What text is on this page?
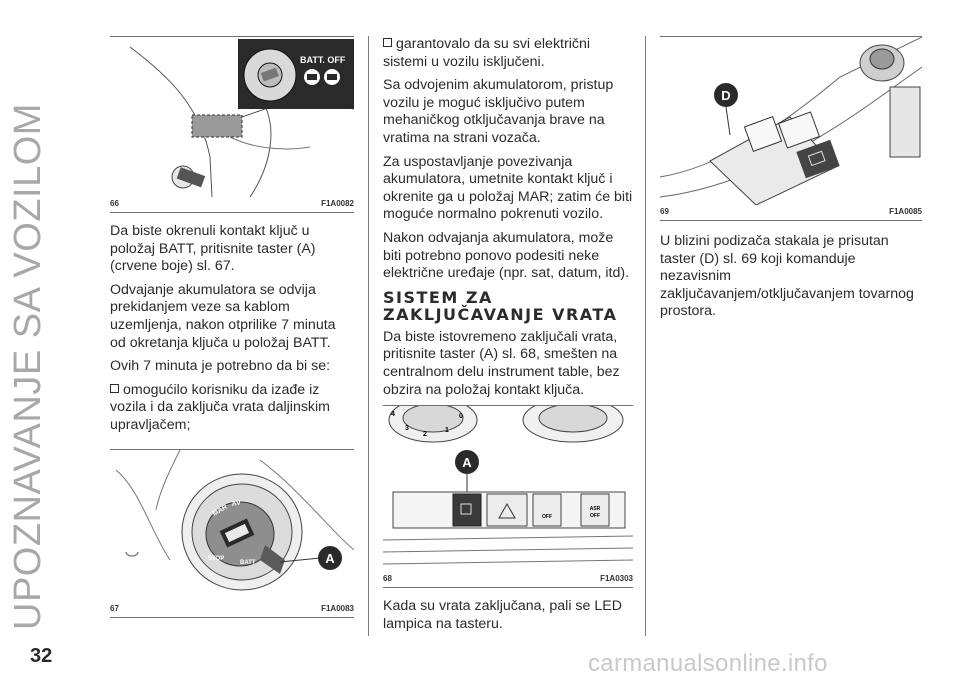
UPOZNAVANJE SA VOZILOM
BATT. OFF
66	F1A0082

Da biste okrenuli kontakt ključ u položaj BATT, pritisnite taster (A) (crvene boje) sl. 67.

Odvajanje akumulatora se odvija prekidanjem veze sa kablom uzemljenja, nakon otprilike 7 minuta od okretanja ključa u položaj BATT.

Ovih 7 minuta je potrebno da bi se:

omogućilo korisniku da izađe iz vozila i da zaključa vrata daljinskim upravljačem;

MAR AV
STOP
BATT	A
67	F1A0083

garantovalo da su svi električni sistemi u vozilu isključeni.

Sa odvojenim akumulatorom, pristup vozilu je moguć isključivo putem mehaničkog otključavanja brave na vratima na strani vozača.

Za uspostavljanje povezivanja akumulatora, umetnite kontakt ključ i okrenite ga u položaj MAR; zatim će biti moguće normalno pokrenuti vozilo.

Nakon odvajanja akumulatora, može biti potrebno ponovo podesiti neke električne uređaje (npr. sat, datum, itd).

SISTEM ZA
ZAKLJUČAVANJE VRATA

Da biste istovremeno zaključali vrata, pritisnite taster (A) sl. 68, smešten na centralnom delu instrument table, bez obzira na položaj kontakt ključa.

4
3
2
1
0
A
OFF
ASR
OFF
68	F1A0303

Kada su vrata zaključana, pali se LED lampica na tasteru.

D
69	F1A0085

U blizini podizača stakala je prisutan taster (D) sl. 69 koji komanduje nezavisnim zaključavanjem/otključavanjem tovarnog prostora.

32	carmanualsonline.info
